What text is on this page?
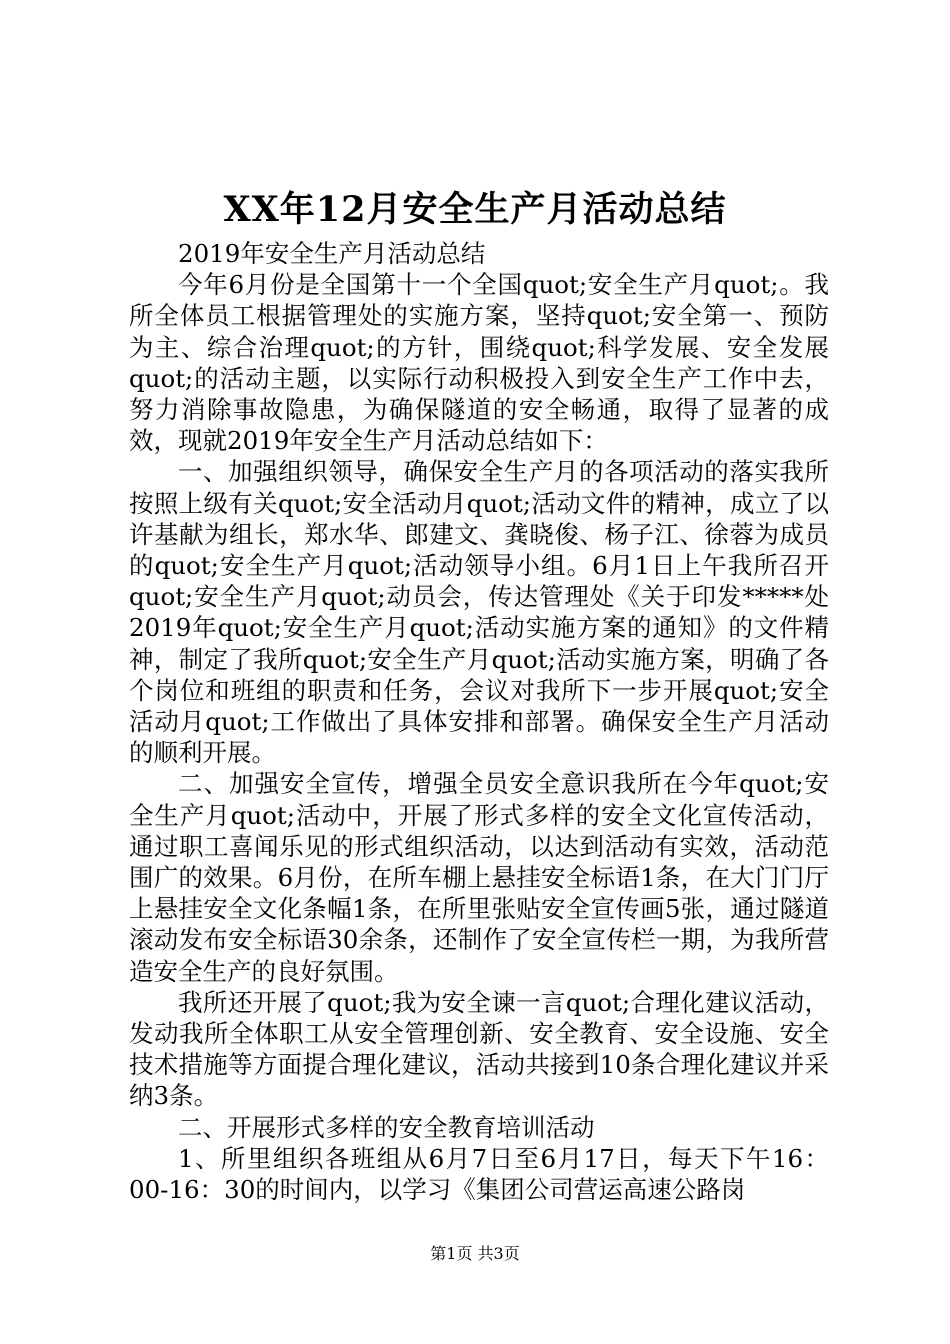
XX年12月安全生产月活动总结

2019年安全生产月活动总结

今年6月份是全国第十一个全国quot;安全生产月quot;。我所全体员工根据管理处的实施方案，坚持quot;安全第一、预防为主、综合治理quot;的方针，围绕quot;科学发展、安全发展quot;的活动主题，以实际行动积极投入到安全生产工作中去，努力消除事故隐患，为确保隧道的安全畅通，取得了显著的成效，现就2019年安全生产月活动总结如下：

一、加强组织领导，确保安全生产月的各项活动的落实我所按照上级有关quot;安全活动月quot;活动文件的精神，成立了以许基献为组长，郑水华、郎建文、龚晓俊、杨子江、徐蓉为成员的quot;安全生产月quot;活动领导小组。6月1日上午我所召开quot;安全生产月quot;动员会，传达管理处《关于印发*****处2019年quot;安全生产月quot;活动实施方案的通知》的文件精神，制定了我所quot;安全生产月quot;活动实施方案，明确了各个岗位和班组的职责和任务，会议对我所下一步开展quot;安全活动月quot;工作做出了具体安排和部署。确保安全生产月活动的顺利开展。

二、加强安全宣传，增强全员安全意识我所在今年quot;安全生产月quot;活动中，开展了形式多样的安全文化宣传活动，通过职工喜闻乐见的形式组织活动，以达到活动有实效，活动范围广的效果。6月份，在所车棚上悬挂安全标语1条，在大门门厅上悬挂安全文化条幅1条，在所里张贴安全宣传画5张，通过隧道滚动发布安全标语30余条，还制作了安全宣传栏一期，为我所营造安全生产的良好氛围。

我所还开展了quot;我为安全谏一言quot;合理化建议活动，发动我所全体职工从安全管理创新、安全教育、安全设施、安全技术措施等方面提合理化建议，活动共接到10条合理化建议并采纳3条。

二、开展形式多样的安全教育培训活动

1、所里组织各班组从6月7日至6月17日，每天下午16：00-16：30的时间内，以学习《集团公司营运高速公路岗

第1页 共3页
